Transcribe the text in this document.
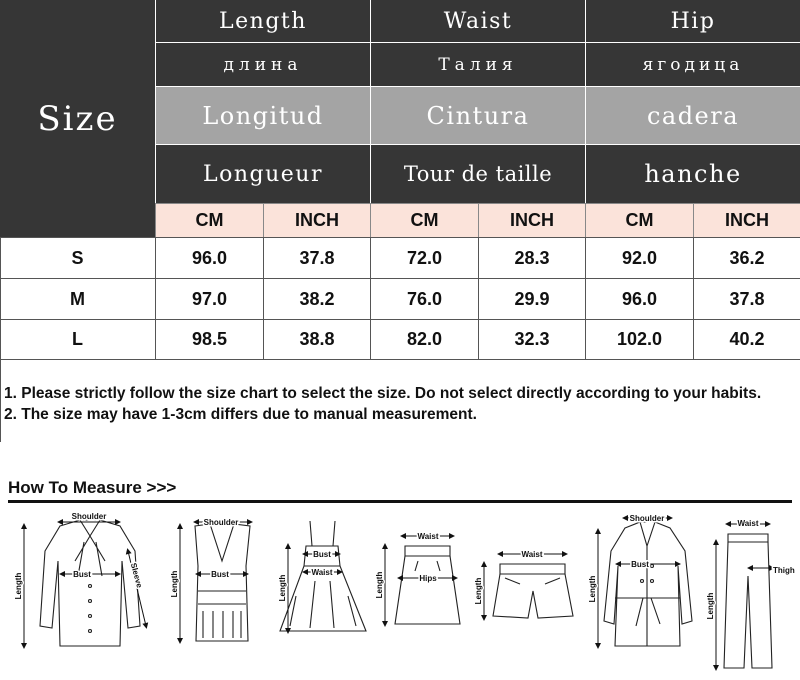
Size
Length	Waist	Hip
длина	Талия	ягодица
Longitud	Cintura	cadera
Longueur	Tour de taille	hanche
CM	INCH	CM	INCH	CM	INCH
S	96.0	37.8	72.0	28.3	92.0	36.2
M	97.0	38.2	76.0	29.9	96.0	37.8
L	98.5	38.8	82.0	32.3	102.0	40.2
1. Please strictly follow the size chart to select the size. Do not select directly according to your habits.
2. The size may have 1-3cm differs due to manual measurement.
How To Measure >>>
Shoulder
Bust
Length	Sleeve
Shoulder
Bust
Length
Bust
Waist
Length
Waist
Hips
Length
Waist
Length
Shoulder
Bust
Length
Waist
Length
Thigh
